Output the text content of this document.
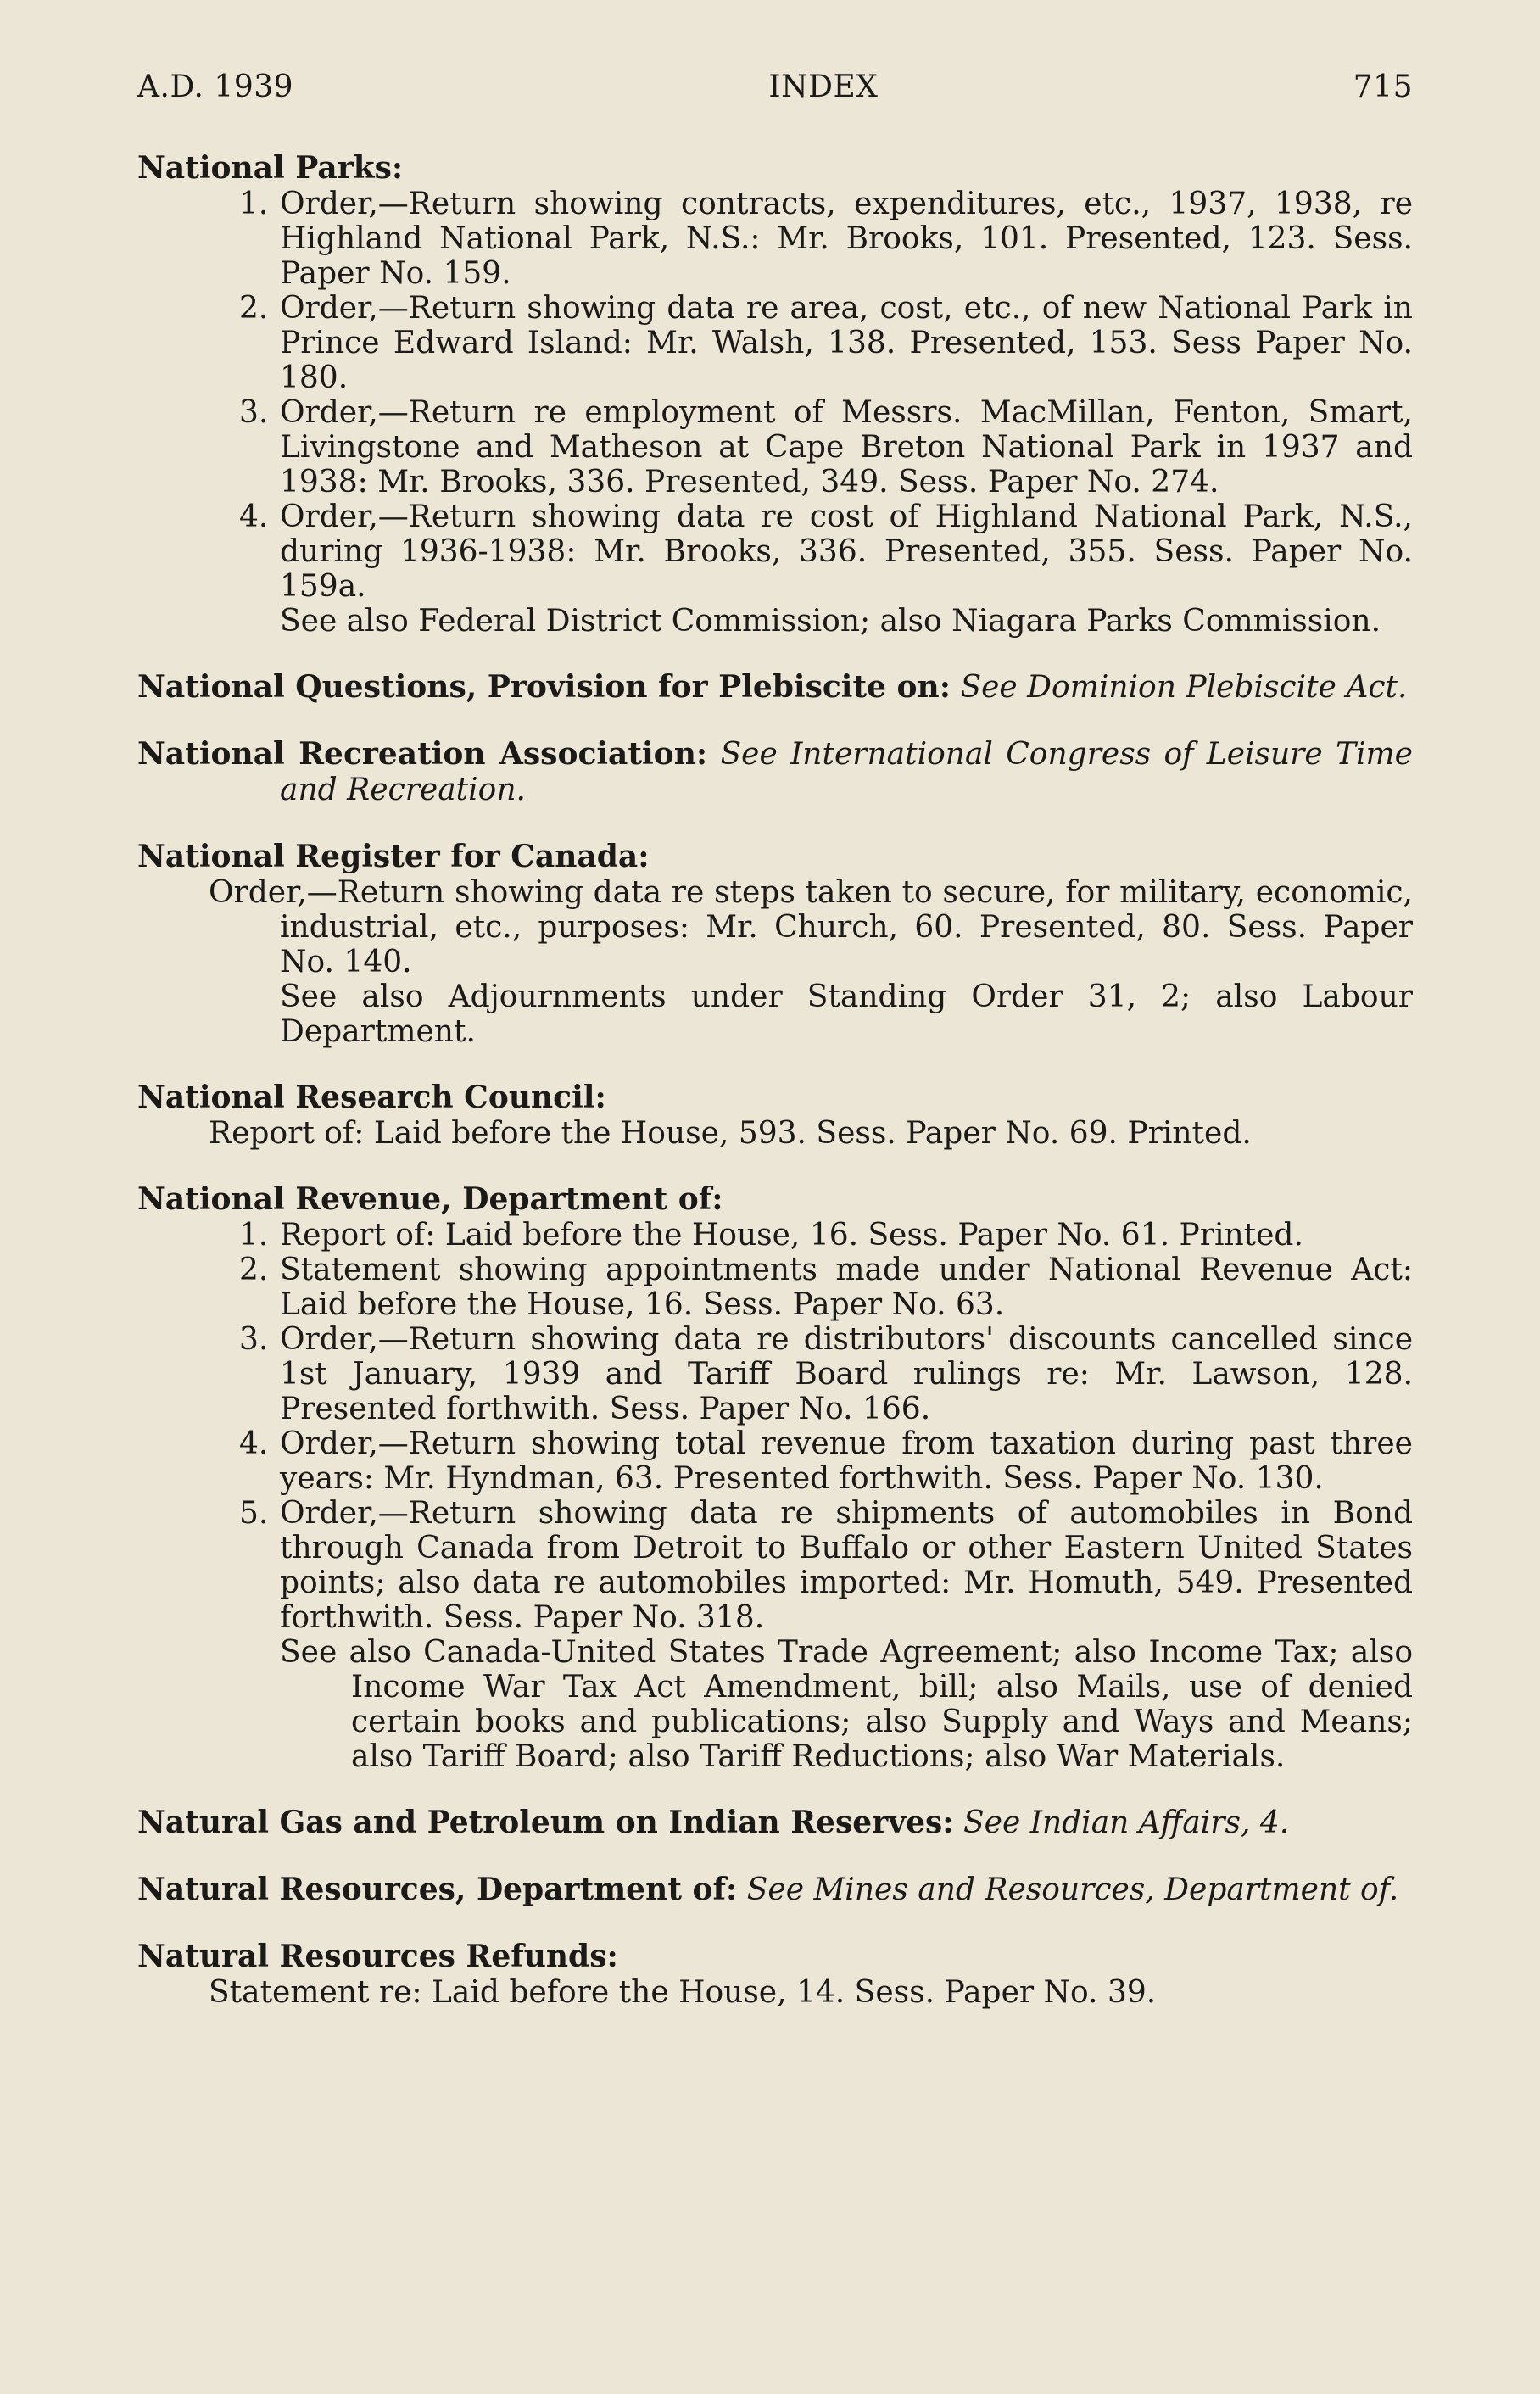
A.D. 1939	INDEX	715
National Parks:

1. Order,—Return showing contracts, expenditures, etc., 1937, 1938, re Highland National Park, N.S.: Mr. Brooks, 101. Presented, 123. Sess. Paper No. 159.

2. Order,—Return showing data re area, cost, etc., of new National Park in Prince Edward Island: Mr. Walsh, 138. Presented, 153. Sess Paper No. 180.

3. Order,—Return re employment of Messrs. MacMillan, Fenton, Smart, Livingstone and Matheson at Cape Breton National Park in 1937 and 1938: Mr. Brooks, 336. Presented, 349. Sess. Paper No. 274.

4. Order,—Return showing data re cost of Highland National Park, N.S., during 1936-1938: Mr. Brooks, 336. Presented, 355. Sess. Paper No. 159a.

See also Federal District Commission; also Niagara Parks Commission.

National Questions, Provision for Plebiscite on: See Dominion Plebiscite Act.
National Recreation Association: See International Congress of Leisure Time and Recreation.
National Register for Canada:

Order,—Return showing data re steps taken to secure, for military, economic, industrial, etc., purposes: Mr. Church, 60. Presented, 80. Sess. Paper No. 140.

See also Adjournments under Standing Order 31, 2; also Labour Department.

National Research Council:

Report of: Laid before the House, 593. Sess. Paper No. 69. Printed.

National Revenue, Department of:

1. Report of: Laid before the House, 16. Sess. Paper No. 61. Printed.

2. Statement showing appointments made under National Revenue Act: Laid before the House, 16. Sess. Paper No. 63.

3. Order,—Return showing data re distributors' discounts cancelled since 1st January, 1939 and Tariff Board rulings re: Mr. Lawson, 128. Presented forthwith. Sess. Paper No. 166.

4. Order,—Return showing total revenue from taxation during past three years: Mr. Hyndman, 63. Presented forthwith. Sess. Paper No. 130.

5. Order,—Return showing data re shipments of automobiles in Bond through Canada from Detroit to Buffalo or other Eastern United States points; also data re automobiles imported: Mr. Homuth, 549. Presented forthwith. Sess. Paper No. 318.

See also Canada-United States Trade Agreement; also Income Tax; also Income War Tax Act Amendment, bill; also Mails, use of denied certain books and publications; also Supply and Ways and Means; also Tariff Board; also Tariff Reductions; also War Materials.

Natural Gas and Petroleum on Indian Reserves: See Indian Affairs, 4.
Natural Resources, Department of: See Mines and Resources, Department of.
Natural Resources Refunds:

Statement re: Laid before the House, 14. Sess. Paper No. 39.
